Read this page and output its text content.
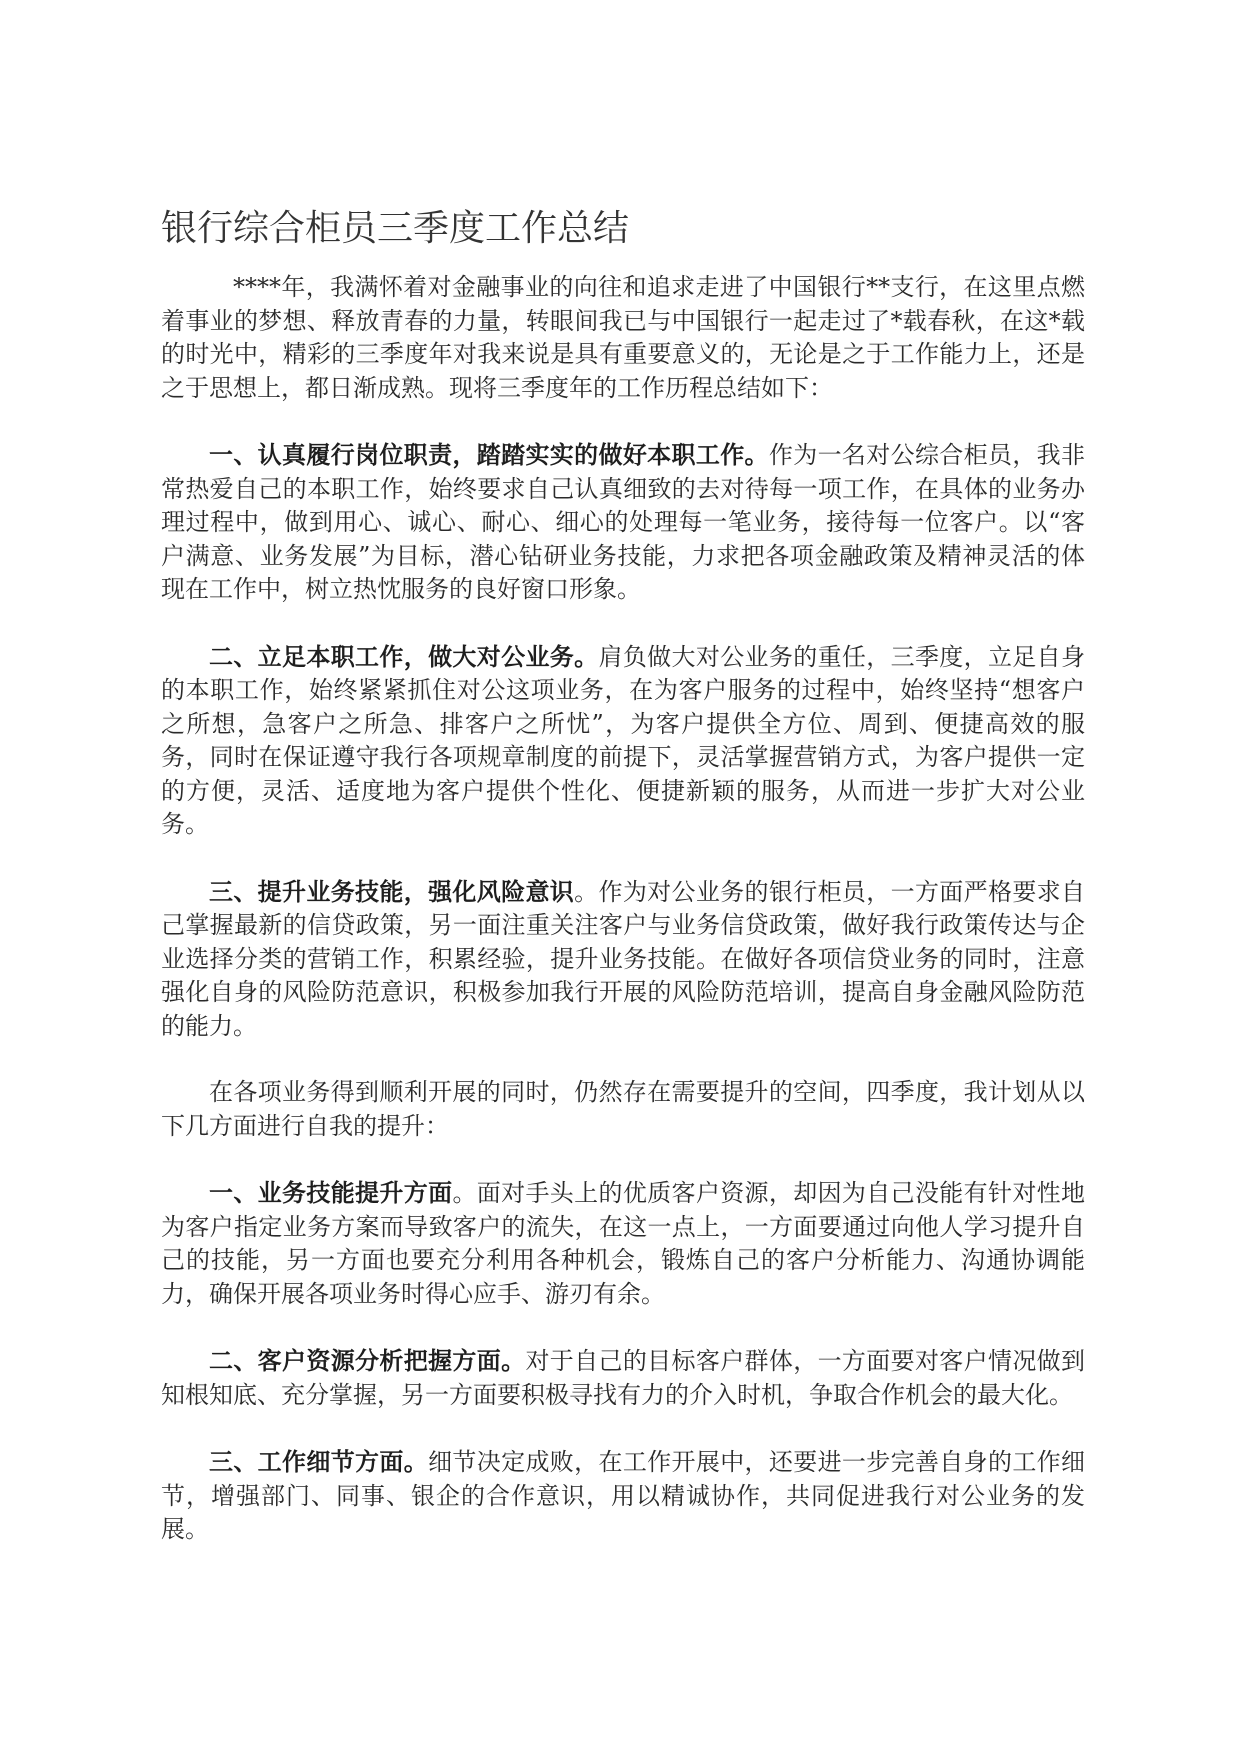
银行综合柜员三季度工作总结

****年，我满怀着对金融事业的向往和追求走进了中国银行**支行，在这里点燃着事业的梦想、释放青春的力量，转眼间我已与中国银行一起走过了*载春秋，在这*载的时光中，精彩的三季度年对我来说是具有重要意义的，无论是之于工作能力上，还是之于思想上，都日渐成熟。现将三季度年的工作历程总结如下：

一、认真履行岗位职责，踏踏实实的做好本职工作。作为一名对公综合柜员，我非常热爱自己的本职工作，始终要求自己认真细致的去对待每一项工作，在具体的业务办理过程中，做到用心、诚心、耐心、细心的处理每一笔业务，接待每一位客户。以“客户满意、业务发展”为目标，潜心钻研业务技能，力求把各项金融政策及精神灵活的体现在工作中，树立热忱服务的良好窗口形象。

二、立足本职工作，做大对公业务。肩负做大对公业务的重任，三季度，立足自身的本职工作，始终紧紧抓住对公这项业务，在为客户服务的过程中，始终坚持“想客户之所想，急客户之所急、排客户之所忧”，为客户提供全方位、周到、便捷高效的服务，同时在保证遵守我行各项规章制度的前提下，灵活掌握营销方式，为客户提供一定的方便，灵活、适度地为客户提供个性化、便捷新颖的服务，从而进一步扩大对公业务。

三、提升业务技能，强化风险意识。作为对公业务的银行柜员，一方面严格要求自己掌握最新的信贷政策，另一面注重关注客户与业务信贷政策，做好我行政策传达与企业选择分类的营销工作，积累经验，提升业务技能。在做好各项信贷业务的同时，注意强化自身的风险防范意识，积极参加我行开展的风险防范培训，提高自身金融风险防范的能力。

在各项业务得到顺利开展的同时，仍然存在需要提升的空间，四季度，我计划从以下几方面进行自我的提升：

一、业务技能提升方面。面对手头上的优质客户资源，却因为自己没能有针对性地为客户指定业务方案而导致客户的流失，在这一点上，一方面要通过向他人学习提升自己的技能，另一方面也要充分利用各种机会，锻炼自己的客户分析能力、沟通协调能力，确保开展各项业务时得心应手、游刃有余。

二、客户资源分析把握方面。对于自己的目标客户群体，一方面要对客户情况做到知根知底、充分掌握，另一方面要积极寻找有力的介入时机，争取合作机会的最大化。

三、工作细节方面。细节决定成败，在工作开展中，还要进一步完善自身的工作细节，增强部门、同事、银企的合作意识，用以精诚协作，共同促进我行对公业务的发展。
